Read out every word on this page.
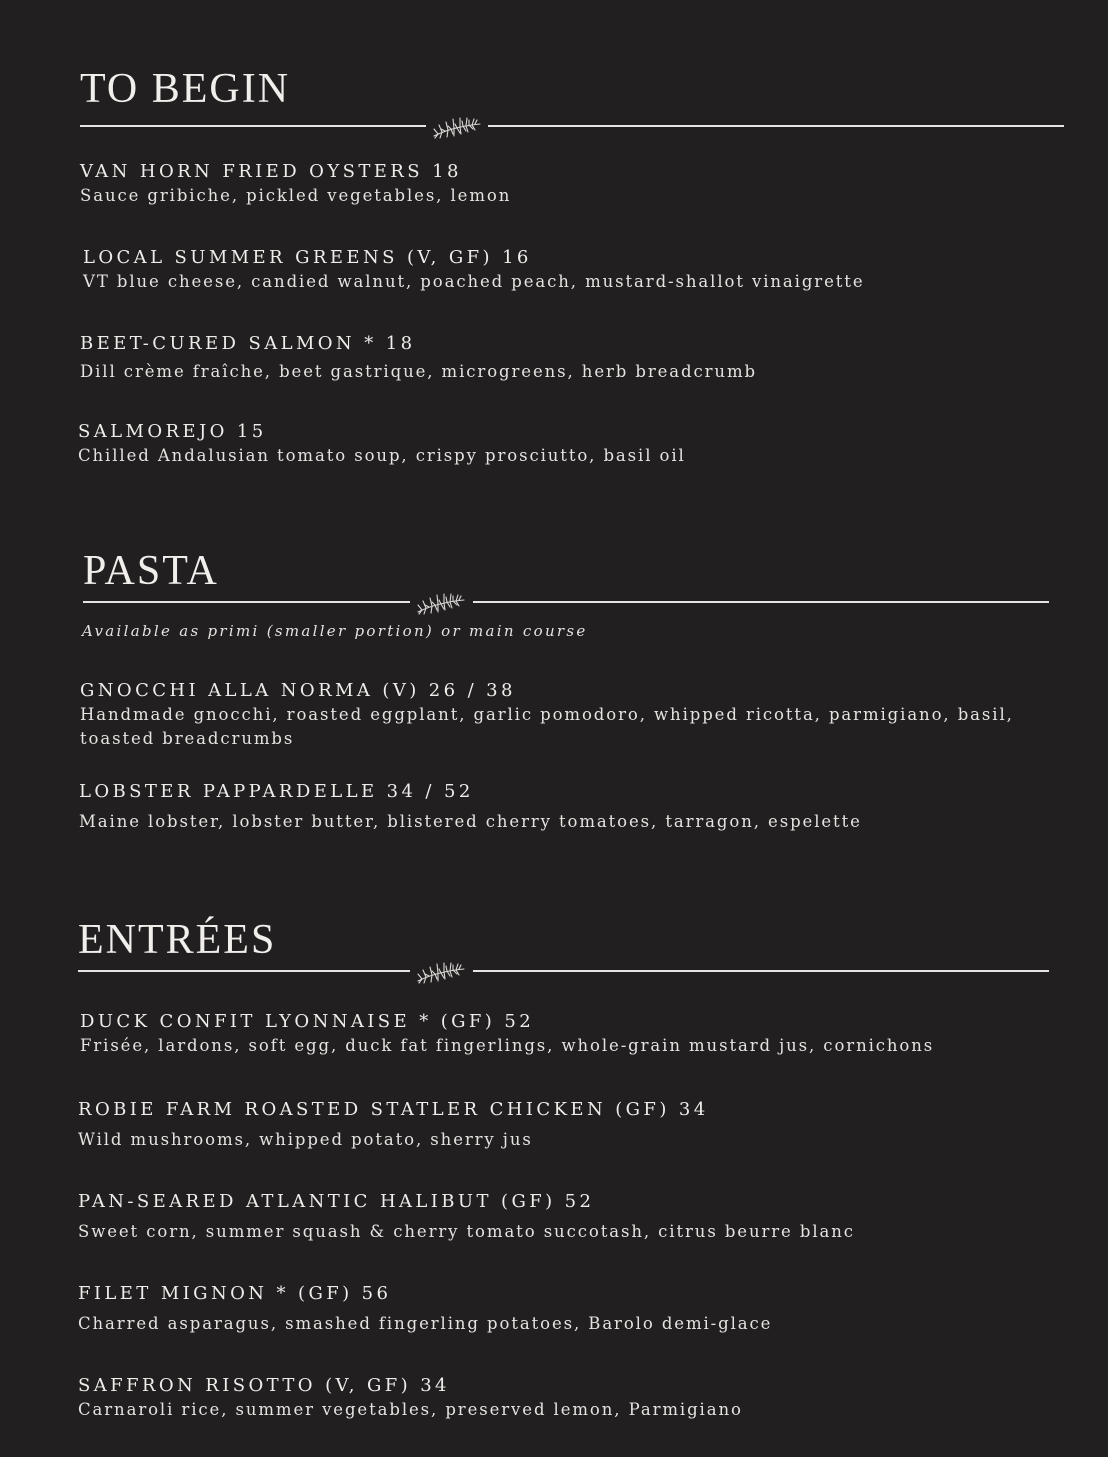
TO BEGIN
VAN HORN FRIED OYSTERS 18
Sauce gribiche, pickled vegetables, lemon
LOCAL SUMMER GREENS (V, GF) 16
VT blue cheese, candied walnut, poached peach, mustard-shallot vinaigrette
BEET-CURED SALMON * 18
Dill crème fraîche, beet gastrique, microgreens, herb breadcrumb
SALMOREJO 15
Chilled Andalusian tomato soup, crispy prosciutto, basil oil
PASTA
Available as primi (smaller portion) or main course
GNOCCHI ALLA NORMA (V) 26 / 38
Handmade gnocchi, roasted eggplant, garlic pomodoro, whipped ricotta, parmigiano, basil, toasted breadcrumbs
LOBSTER PAPPARDELLE 34 / 52
Maine lobster, lobster butter, blistered cherry tomatoes, tarragon, espelette
ENTRÉES
DUCK CONFIT LYONNAISE * (GF) 52
Frisée, lardons, soft egg, duck fat fingerlings, whole-grain mustard jus, cornichons
ROBIE FARM ROASTED STATLER CHICKEN (GF) 34
Wild mushrooms, whipped potato, sherry jus
PAN-SEARED ATLANTIC HALIBUT (GF) 52
Sweet corn, summer squash & cherry tomato succotash, citrus beurre blanc
FILET MIGNON * (GF) 56
Charred asparagus, smashed fingerling potatoes, Barolo demi-glace
SAFFRON RISOTTO (V, GF) 34
Carnaroli rice, summer vegetables, preserved lemon, Parmigiano
